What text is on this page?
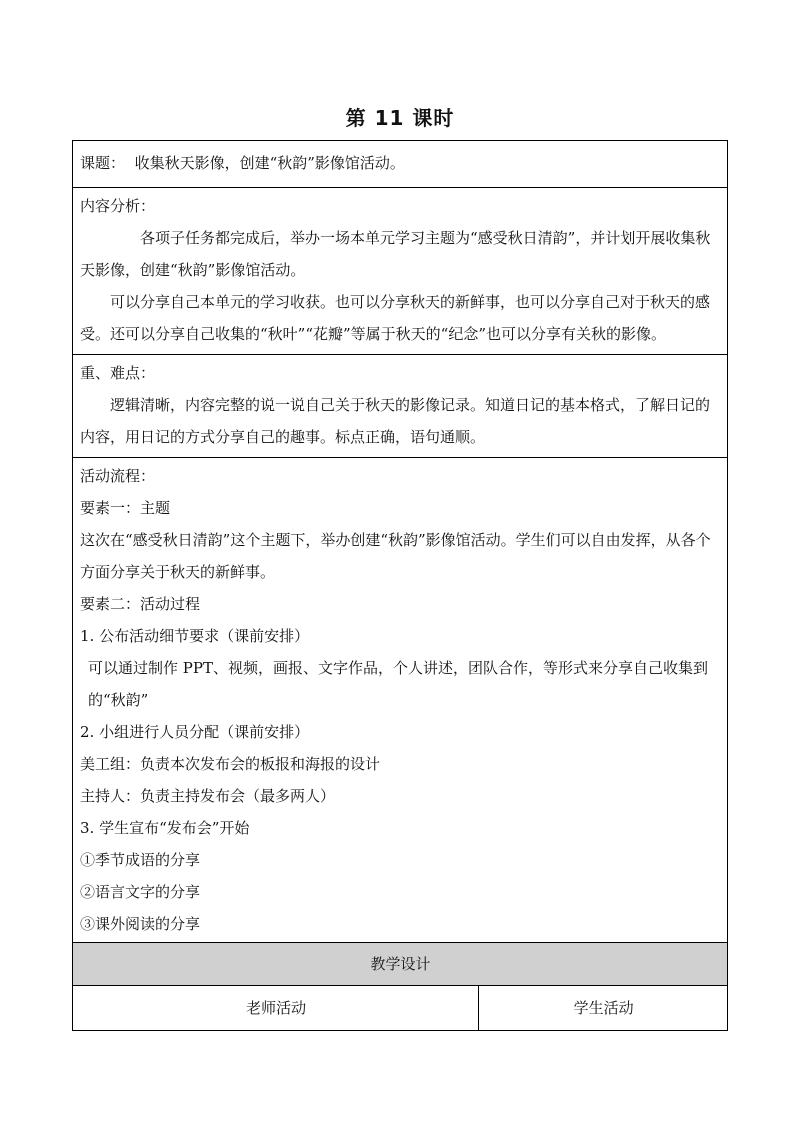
第 11 课时
课题： 收集秋天影像，创建“秋韵”影像馆活动。

内容分析：

各项子任务都完成后，举办一场本单元学习主题为“感受秋日清韵”，并计划开展收集秋天影像，创建“秋韵”影像馆活动。

可以分享自己本单元的学习收获。也可以分享秋天的新鲜事，也可以分享自己对于秋天的感受。还可以分享自己收集的“秋叶”“花瓣”等属于秋天的“纪念”也可以分享有关秋的影像。

重、难点：

逻辑清晰，内容完整的说一说自己关于秋天的影像记录。知道日记的基本格式，了解日记的内容，用日记的方式分享自己的趣事。标点正确，语句通顺。

活动流程：

要素一：主题

这次在“感受秋日清韵”这个主题下，举办创建“秋韵”影像馆活动。学生们可以自由发挥，从各个方面分享关于秋天的新鲜事。

要素二：活动过程

1. 公布活动细节要求（课前安排）

可以通过制作 PPT、视频，画报、文字作品，个人讲述，团队合作，等形式来分享自己收集到的“秋韵”

2. 小组进行人员分配（课前安排）

美工组：负责本次发布会的板报和海报的设计

主持人：负责主持发布会（最多两人）

3. 学生宣布“发布会”开始

①季节成语的分享

②语言文字的分享

③课外阅读的分享

教学设计
老师活动	学生活动
